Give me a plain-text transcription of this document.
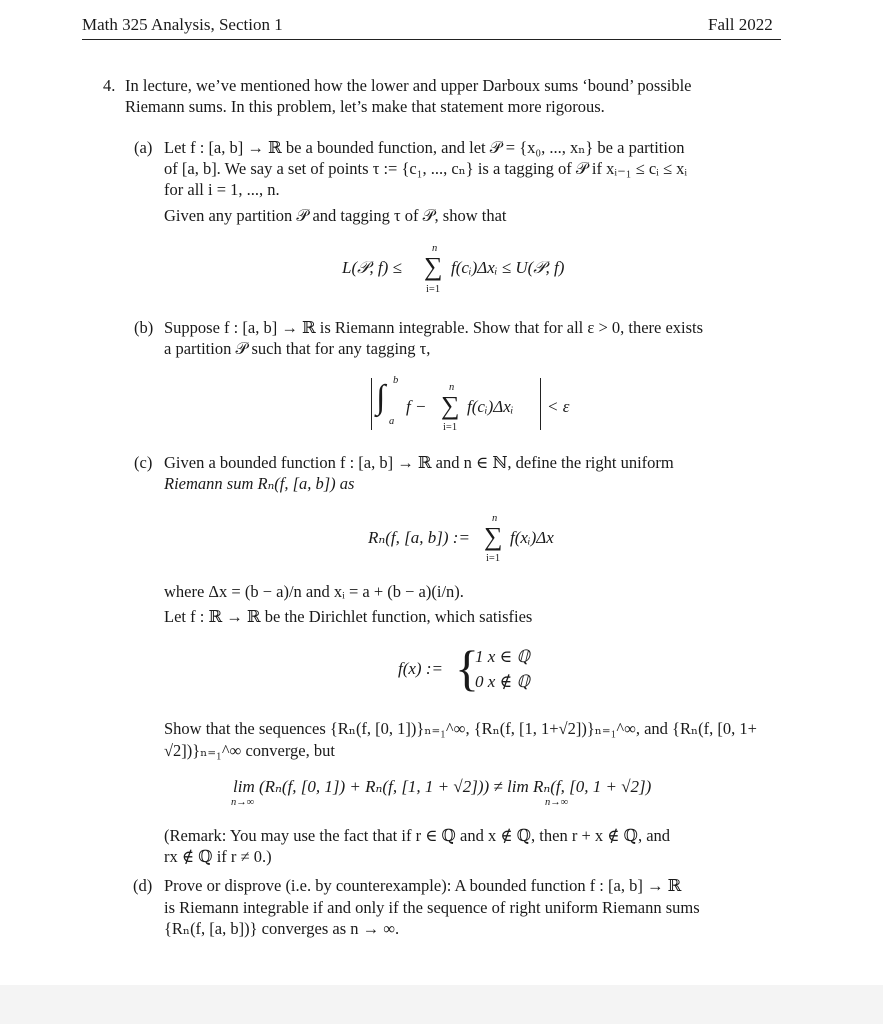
Math 325 Analysis, Section 1	Fall 2022
4. In lecture, we’ve mentioned how the lower and upper Darboux sums ‘bound’ possible
Riemann sums. In this problem, let’s make that statement more rigorous.
(a) Let f : [a, b] → ℝ be a bounded function, and let 𝒫 = {x₀, ..., xₙ} be a partition
of [a, b]. We say a set of points τ := {c₁, ..., cₙ} is a tagging of 𝒫 if xᵢ₋₁ ≤ cᵢ ≤ xᵢ
for all i = 1, ..., n.
Given any partition 𝒫 and tagging τ of 𝒫, show that
L(𝒫, f) ≤
n
∑
i=1
f(cᵢ)Δxᵢ ≤ U(𝒫, f)
(b) Suppose f : [a, b] → ℝ is Riemann integrable. Show that for all ε > 0, there exists
a partition 𝒫 such that for any tagging τ,
b
∫
a
f −
n
∑
i=1
f(cᵢ)Δxᵢ < ε
(c) Given a bounded function f : [a, b] → ℝ and n ∈ ℕ, define the right uniform
Riemann sum Rₙ(f, [a, b]) as
Rₙ(f, [a, b]) :=
n
∑
i=1
f(xᵢ)Δx
where Δx = (b − a)/n and xᵢ = a + (b − a)(i/n).
Let f : ℝ → ℝ be the Dirichlet function, which satisfies
f(x) := {
1 x ∈ ℚ
0 x ∉ ℚ
Show that the sequences {Rₙ(f, [0, 1])}ₙ₌₁^∞, {Rₙ(f, [1, 1+√2])}ₙ₌₁^∞, and {Rₙ(f, [0, 1+
√2])}ₙ₌₁^∞ converge, but
lim (Rₙ(f, [0, 1]) + Rₙ(f, [1, 1 + √2])) ≠ lim Rₙ(f, [0, 1 + √2])
n→∞	n→∞
(Remark: You may use the fact that if r ∈ ℚ and x ∉ ℚ, then r + x ∉ ℚ, and
rx ∉ ℚ if r ≠ 0.)
(d) Prove or disprove (i.e. by counterexample): A bounded function f : [a, b] → ℝ
is Riemann integrable if and only if the sequence of right uniform Riemann sums
{Rₙ(f, [a, b])} converges as n → ∞.
